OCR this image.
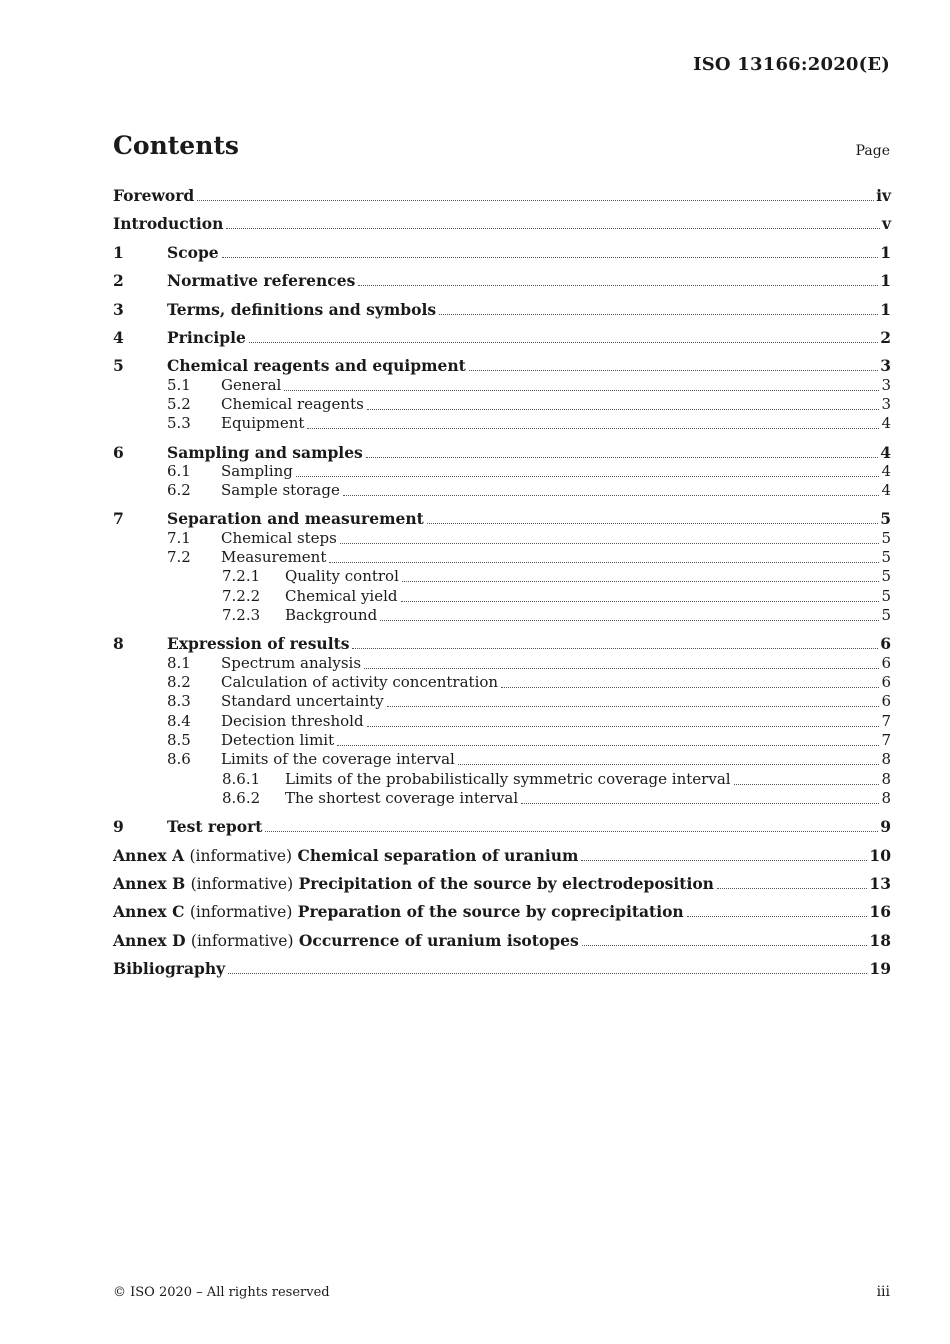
ISO 13166:2020(E)
Contents	Page
Foreword	iv
Introduction	v
1	Scope	1
2	Normative references	1
3	Terms, definitions and symbols	1
4	Principle	2
5	Chemical reagents and equipment	3
5.1	General	3
5.2	Chemical reagents	3
5.3	Equipment	4
6	Sampling and samples	4
6.1	Sampling	4
6.2	Sample storage	4
7	Separation and measurement	5
7.1	Chemical steps	5
7.2	Measurement	5
7.2.1	Quality control	5
7.2.2	Chemical yield	5
7.2.3	Background	5
8	Expression of results	6
8.1	Spectrum analysis	6
8.2	Calculation of activity concentration	6
8.3	Standard uncertainty	6
8.4	Decision threshold	7
8.5	Detection limit	7
8.6	Limits of the coverage interval	8
8.6.1	Limits of the probabilistically symmetric coverage interval	8
8.6.2	The shortest coverage interval	8
9	Test report	9
Annex A (informative) Chemical separation of uranium	10
Annex B (informative) Precipitation of the source by electrodeposition	13
Annex C (informative) Preparation of the source by coprecipitation	16
Annex D (informative) Occurrence of uranium isotopes	18
Bibliography	19
© ISO 2020 – All rights reserved	iii
